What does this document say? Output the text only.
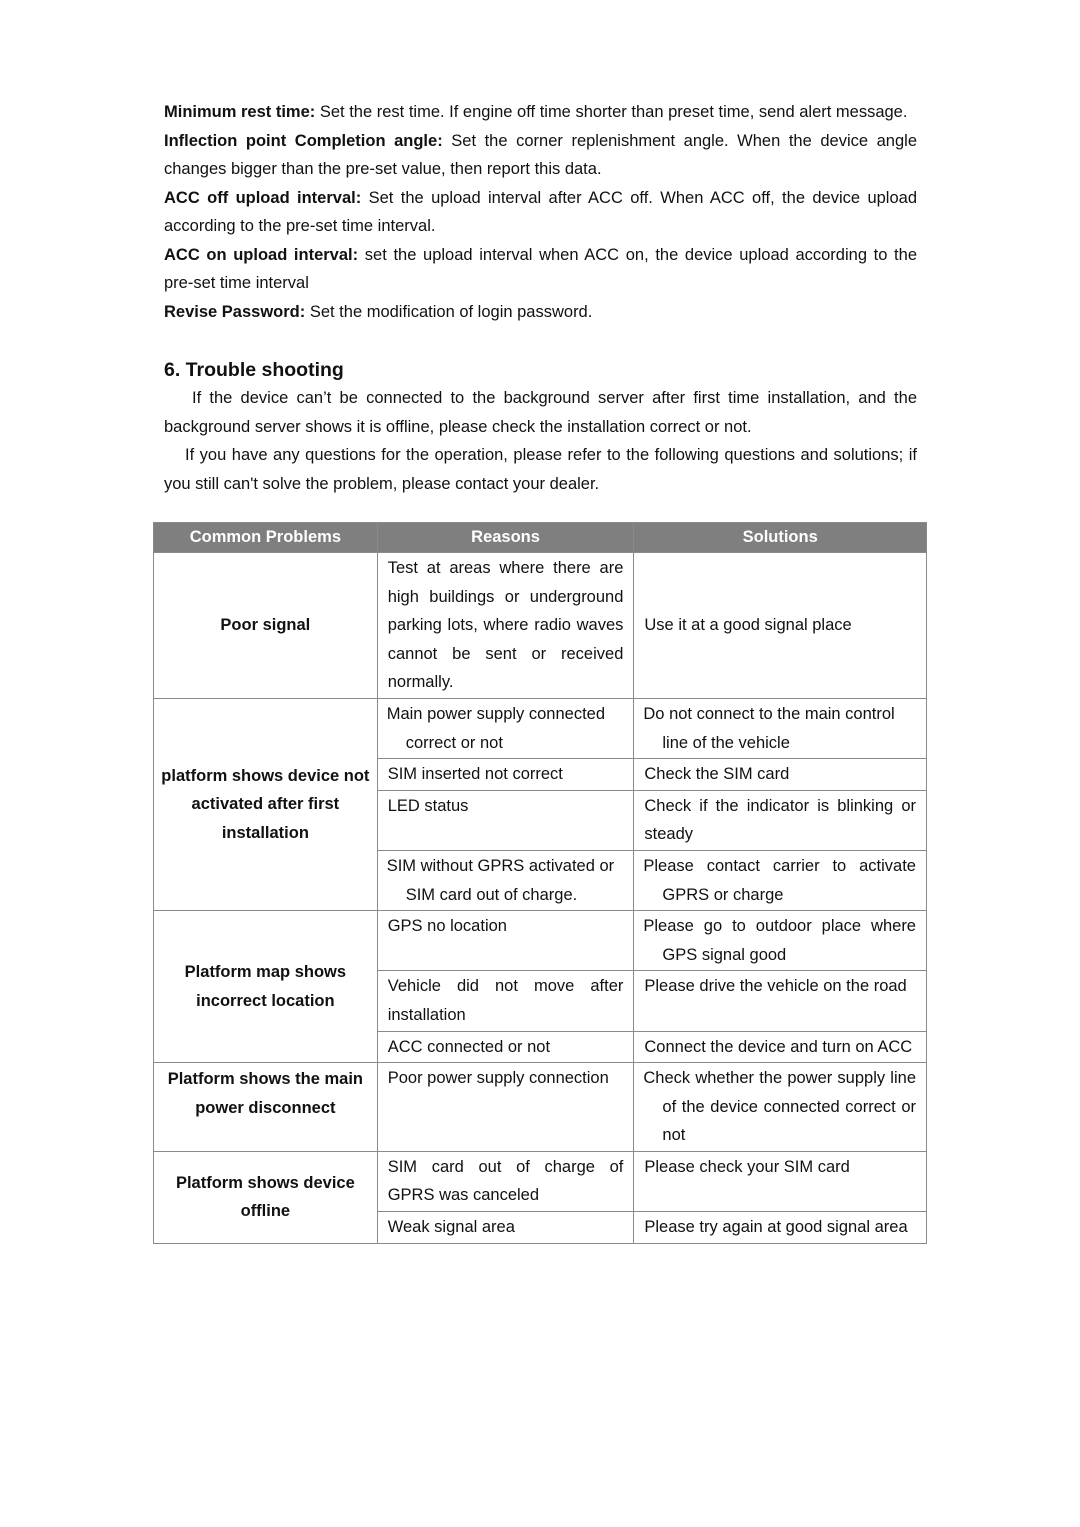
Minimum rest time: Set the rest time. If engine off time shorter than preset time, send alert message.

Inflection point Completion angle: Set the corner replenishment angle. When the device angle changes bigger than the pre-set value, then report this data.

ACC off upload interval: Set the upload interval after ACC off. When ACC off, the device upload according to the pre-set time interval.

ACC on upload interval: set the upload interval when ACC on, the device upload according to the pre-set time interval

Revise Password: Set the modification of login password.

6. Trouble shooting

If the device can’t be connected to the background server after first time installation, and the background server shows it is offline, please check the installation correct or not.

If you have any questions for the operation, please refer to the following questions and solutions; if you still can't solve the problem, please contact your dealer.

Common Problems	Reasons	Solutions
Poor signal	Test at areas where there are high buildings or underground parking lots, where radio waves cannot be sent or received normally.	Use it at a good signal place
platform shows device not activated after first installation	Main power supply connected correct or not	Do not connect to the main control line of the vehicle
	SIM inserted not correct	Check the SIM card
	LED status	Check if the indicator is blinking or steady
	SIM without GPRS activated or SIM card out of charge.	Please contact carrier to activate GPRS or charge
Platform map shows incorrect location	GPS no location	Please go to outdoor place where GPS signal good
	Vehicle did not move after installation	Please drive the vehicle on the road
	ACC connected or not	Connect the device and turn on ACC
Platform shows the main power disconnect	Poor power supply connection	Check whether the power supply line of the device connected correct or not
Platform shows device offline	SIM card out of charge of GPRS was canceled	Please check your SIM card
	Weak signal area	Please try again at good signal area
